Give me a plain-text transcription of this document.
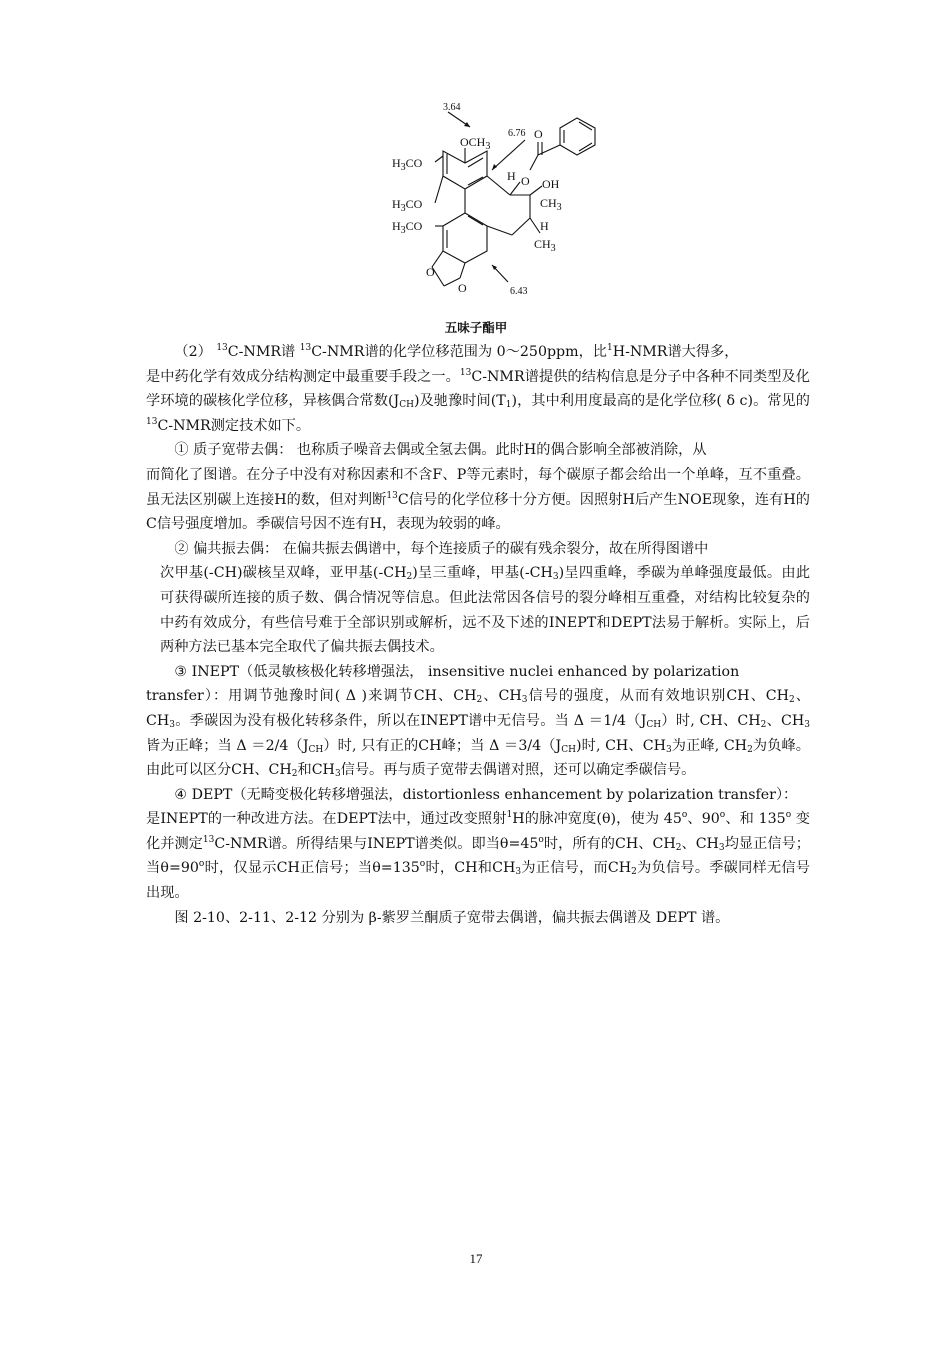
3.64
6.76
6.43
$OCH_3$
$H_3CO$
$H_3CO$
$H_3CO$
H O
O
OH
$CH_3$
H
$CH_3$
O
O
五味子酯甲

（2） $^{13}$C-NMR谱 $^{13}$C-NMR谱的化学位移范围为 0～250ppm，比$^1$H-NMR谱大得多，

是中药化学有效成分结构测定中最重要手段之一。$^{13}$C-NMR谱提供的结构信息是分子中各种不同类型及化学环境的碳核化学位移，异核偶合常数$(J_{CH})$及驰豫时间$(T_1)$，其中利用度最高的是化学位移( δ c)。常见的$^{13}$C-NMR测定技术如下。

① 质子宽带去偶： 也称质子噪音去偶或全氢去偶。此时H的偶合影响全部被消除，从

而简化了图谱。在分子中没有对称因素和不含F、P等元素时，每个碳原子都会给出一个单峰，互不重叠。虽无法区别碳上连接H的数，但对判断$^{13}$C信号的化学位移十分方便。因照射H后产生NOE现象，连有H的C信号强度增加。季碳信号因不连有H，表现为较弱的峰。

② 偏共振去偶： 在偏共振去偶谱中，每个连接质子的碳有残余裂分，故在所得图谱中

次甲基(-CH)碳核呈双峰，亚甲基$(-CH_2)$呈三重峰，甲基$(-CH_3)$呈四重峰，季碳为单峰强度最低。由此可获得碳所连接的质子数、偶合情况等信息。但此法常因各信号的裂分峰相互重叠，对结构比较复杂的中药有效成分，有些信号难于全部识别或解析，远不及下述的INEPT和DEPT法易于解析。实际上，后两种方法已基本完全取代了偏共振去偶技术。

③ INEPT（低灵敏核极化转移增强法， insensitive nuclei enhanced by polarization

transfer）：用调节弛豫时间( Δ )来调节CH、$CH_2$、$CH_3$信号的强度，从而有效地识别CH、$CH_2$、$CH_3$。季碳因为没有极化转移条件，所以在INEPT谱中无信号。当 $\Delta =1/4(J_{CH})$时, CH、$CH_2$、$CH_3$皆为正峰；当 $\Delta =2/4(J_{CH})$时, 只有正的CH峰；当 $\Delta =3/4(J_{CH})$时, CH、$CH_3$为正峰, $CH_2$为负峰。由此可以区分CH、$CH_2$和$CH_3$信号。再与质子宽带去偶谱对照，还可以确定季碳信号。

④ DEPT（无畸变极化转移增强法，distortionless enhancement by polarization transfer）：

是INEPT的一种改进方法。在DEPT法中，通过改变照射$^1$H的脉冲宽度(θ)，使为 45$^o$、90$^o$、和 135$^o$ 变化并测定$^{13}$C-NMR谱。所得结果与INEPT谱类似。即当$\theta=45^o$时，所有的CH、$CH_2$、$CH_3$均显正信号；当$\theta=90^o$时，仅显示CH正信号；当$\theta=135^o$时，CH和$CH_3$为正信号，而$CH_2$为负信号。季碳同样无信号出现。

图 2-10、2-11、2-12 分别为 β-紫罗兰酮质子宽带去偶谱，偏共振去偶谱及 DEPT 谱。

17
